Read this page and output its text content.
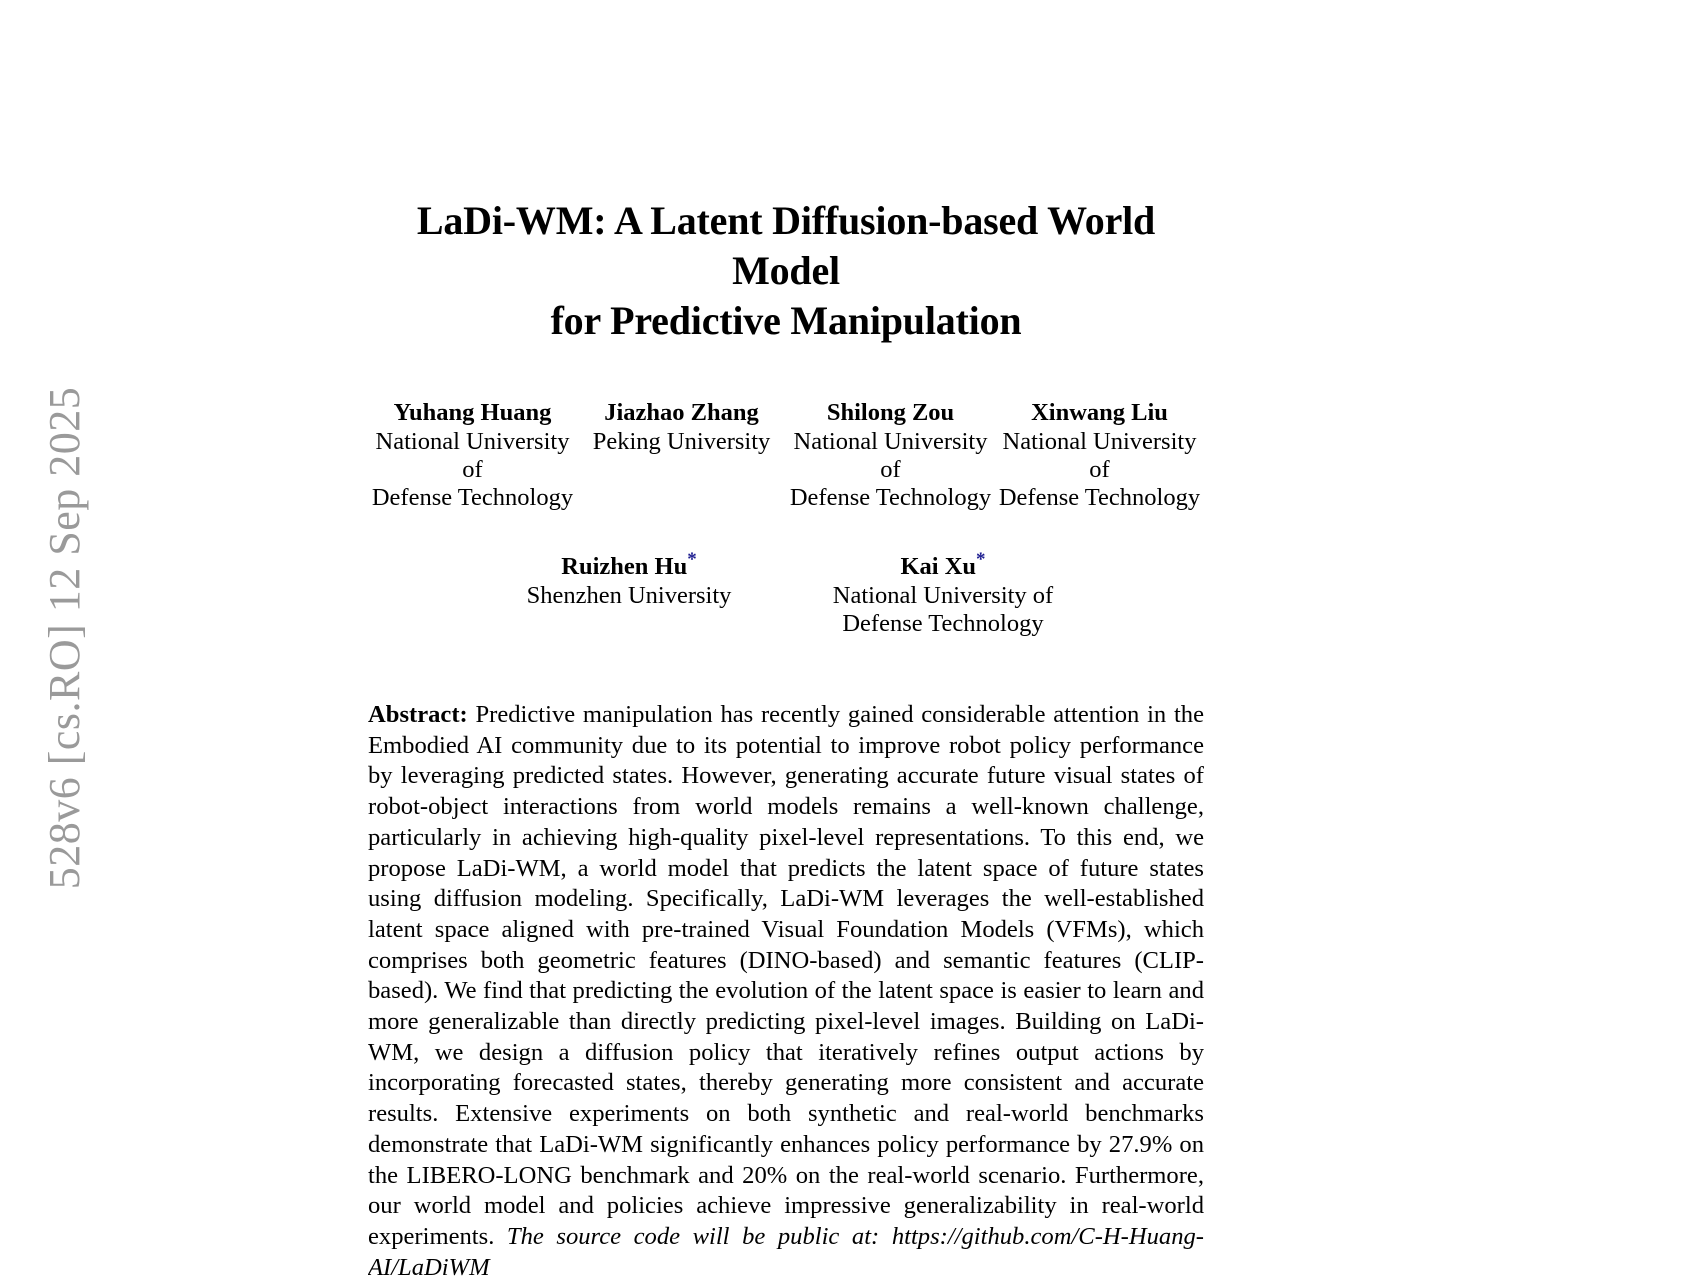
528v6 [cs.RO] 12 Sep 2025
LaDi-WM: A Latent Diffusion-based World Model
for Predictive Manipulation
Yuhang Huang
National University of
Defense Technology
Jiazhao Zhang
Peking University
Shilong Zou
National University of
Defense Technology
Xinwang Liu
National University of
Defense Technology
Ruizhen Hu*
Shenzhen University
Kai Xu*
National University of
Defense Technology

Abstract: Predictive manipulation has recently gained considerable attention in the Embodied AI community due to its potential to improve robot policy performance by leveraging predicted states. However, generating accurate future visual states of robot-object interactions from world models remains a well-known challenge, particularly in achieving high-quality pixel-level representations. To this end, we propose LaDi-WM, a world model that predicts the latent space of future states using diffusion modeling. Specifically, LaDi-WM leverages the well-established latent space aligned with pre-trained Visual Foundation Models (VFMs), which comprises both geometric features (DINO-based) and semantic features (CLIP-based). We find that predicting the evolution of the latent space is easier to learn and more generalizable than directly predicting pixel-level images. Building on LaDi-WM, we design a diffusion policy that iteratively refines output actions by incorporating forecasted states, thereby generating more consistent and accurate results. Extensive experiments on both synthetic and real-world benchmarks demonstrate that LaDi-WM significantly enhances policy performance by 27.9% on the LIBERO-LONG benchmark and 20% on the real-world scenario. Furthermore, our world model and policies achieve impressive generalizability in real-world experiments. The source code will be public at: https://github.com/C-H-Huang-AI/LaDiWM
